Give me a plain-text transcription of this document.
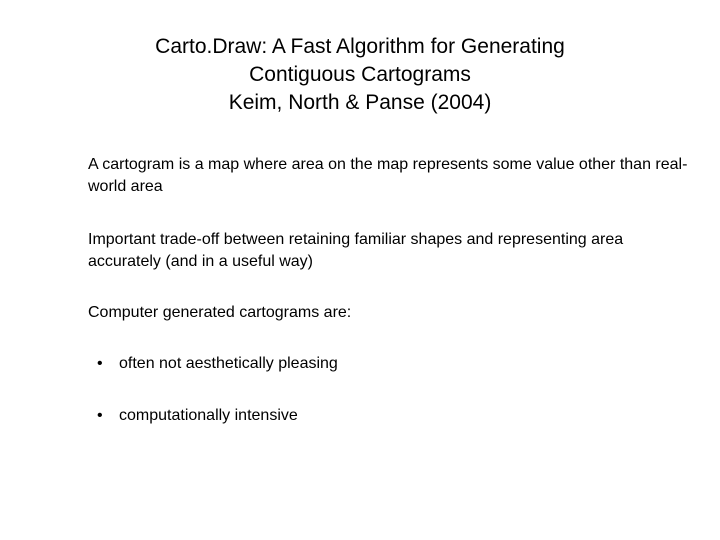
Carto.Draw: A Fast Algorithm for Generating
Contiguous Cartograms
Keim, North & Panse (2004)
A cartogram is a map where area on the map represents some value other than real-world area
Important trade-off between retaining familiar shapes and representing area accurately (and in a useful way)
Computer generated cartograms are:
• often not aesthetically pleasing
• computationally intensive
